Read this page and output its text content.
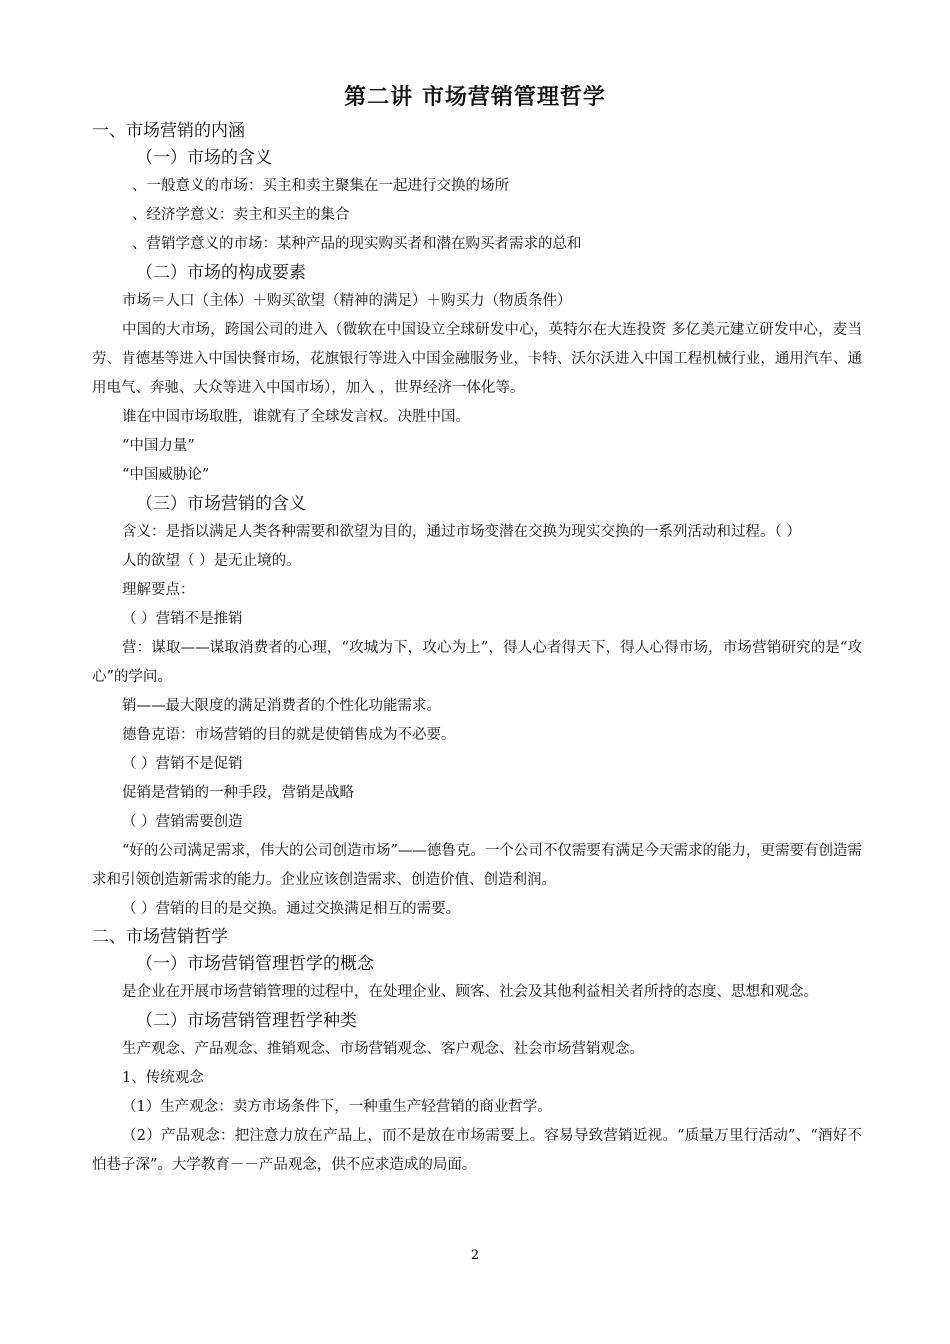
第二讲 市场营销管理哲学
一、市场营销的内涵
（一）市场的含义
、一般意义的市场：买主和卖主聚集在一起进行交换的场所
、经济学意义：卖主和买主的集合
、营销学意义的市场：某种产品的现实购买者和潜在购买者需求的总和
（二）市场的构成要素
市场＝人口（主体）＋购买欲望（精神的满足）＋购买力（物质条件）
中国的大市场，跨国公司的进入（微软在中国设立全球研发中心，英特尔在大连投资 多亿美元建立研发中心，麦当劳、肯德基等进入中国快餐市场，花旗银行等进入中国金融服务业，卡特、沃尔沃进入中国工程机械行业，通用汽车、通用电气、奔驰、大众等进入中国市场），加入 ，世界经济一体化等。
谁在中国市场取胜，谁就有了全球发言权。决胜中国。
“中国力量”
“中国威胁论”
（三）市场营销的含义
含义：是指以满足人类各种需要和欲望为目的，通过市场变潜在交换为现实交换的一系列活动和过程。（ ）
人的欲望（ ）是无止境的。
理解要点：
（ ）营销不是推销
营：谋取——谋取消费者的心理，“攻城为下，攻心为上”，得人心者得天下，得人心得市场，市场营销研究的是“攻心”的学问。
销——最大限度的满足消费者的个性化功能需求。
德鲁克语：市场营销的目的就是使销售成为不必要。
（ ）营销不是促销
促销是营销的一种手段，营销是战略
（ ）营销需要创造
“好的公司满足需求，伟大的公司创造市场”——德鲁克。一个公司不仅需要有满足今天需求的能力，更需要有创造需求和引领创造新需求的能力。企业应该创造需求、创造价值、创造利润。
（ ）营销的目的是交换。通过交换满足相互的需要。
二、市场营销哲学
（一）市场营销管理哲学的概念
是企业在开展市场营销管理的过程中，在处理企业、顾客、社会及其他利益相关者所持的态度、思想和观念。
（二）市场营销管理哲学种类
生产观念、产品观念、推销观念、市场营销观念、客户观念、社会市场营销观念。
1、传统观念
（1）生产观念：卖方市场条件下，一种重生产轻营销的商业哲学。
（2）产品观念：把注意力放在产品上，而不是放在市场需要上。容易导致营销近视。“质量万里行活动”、“酒好不怕巷子深”。大学教育－－产品观念，供不应求造成的局面。
2
